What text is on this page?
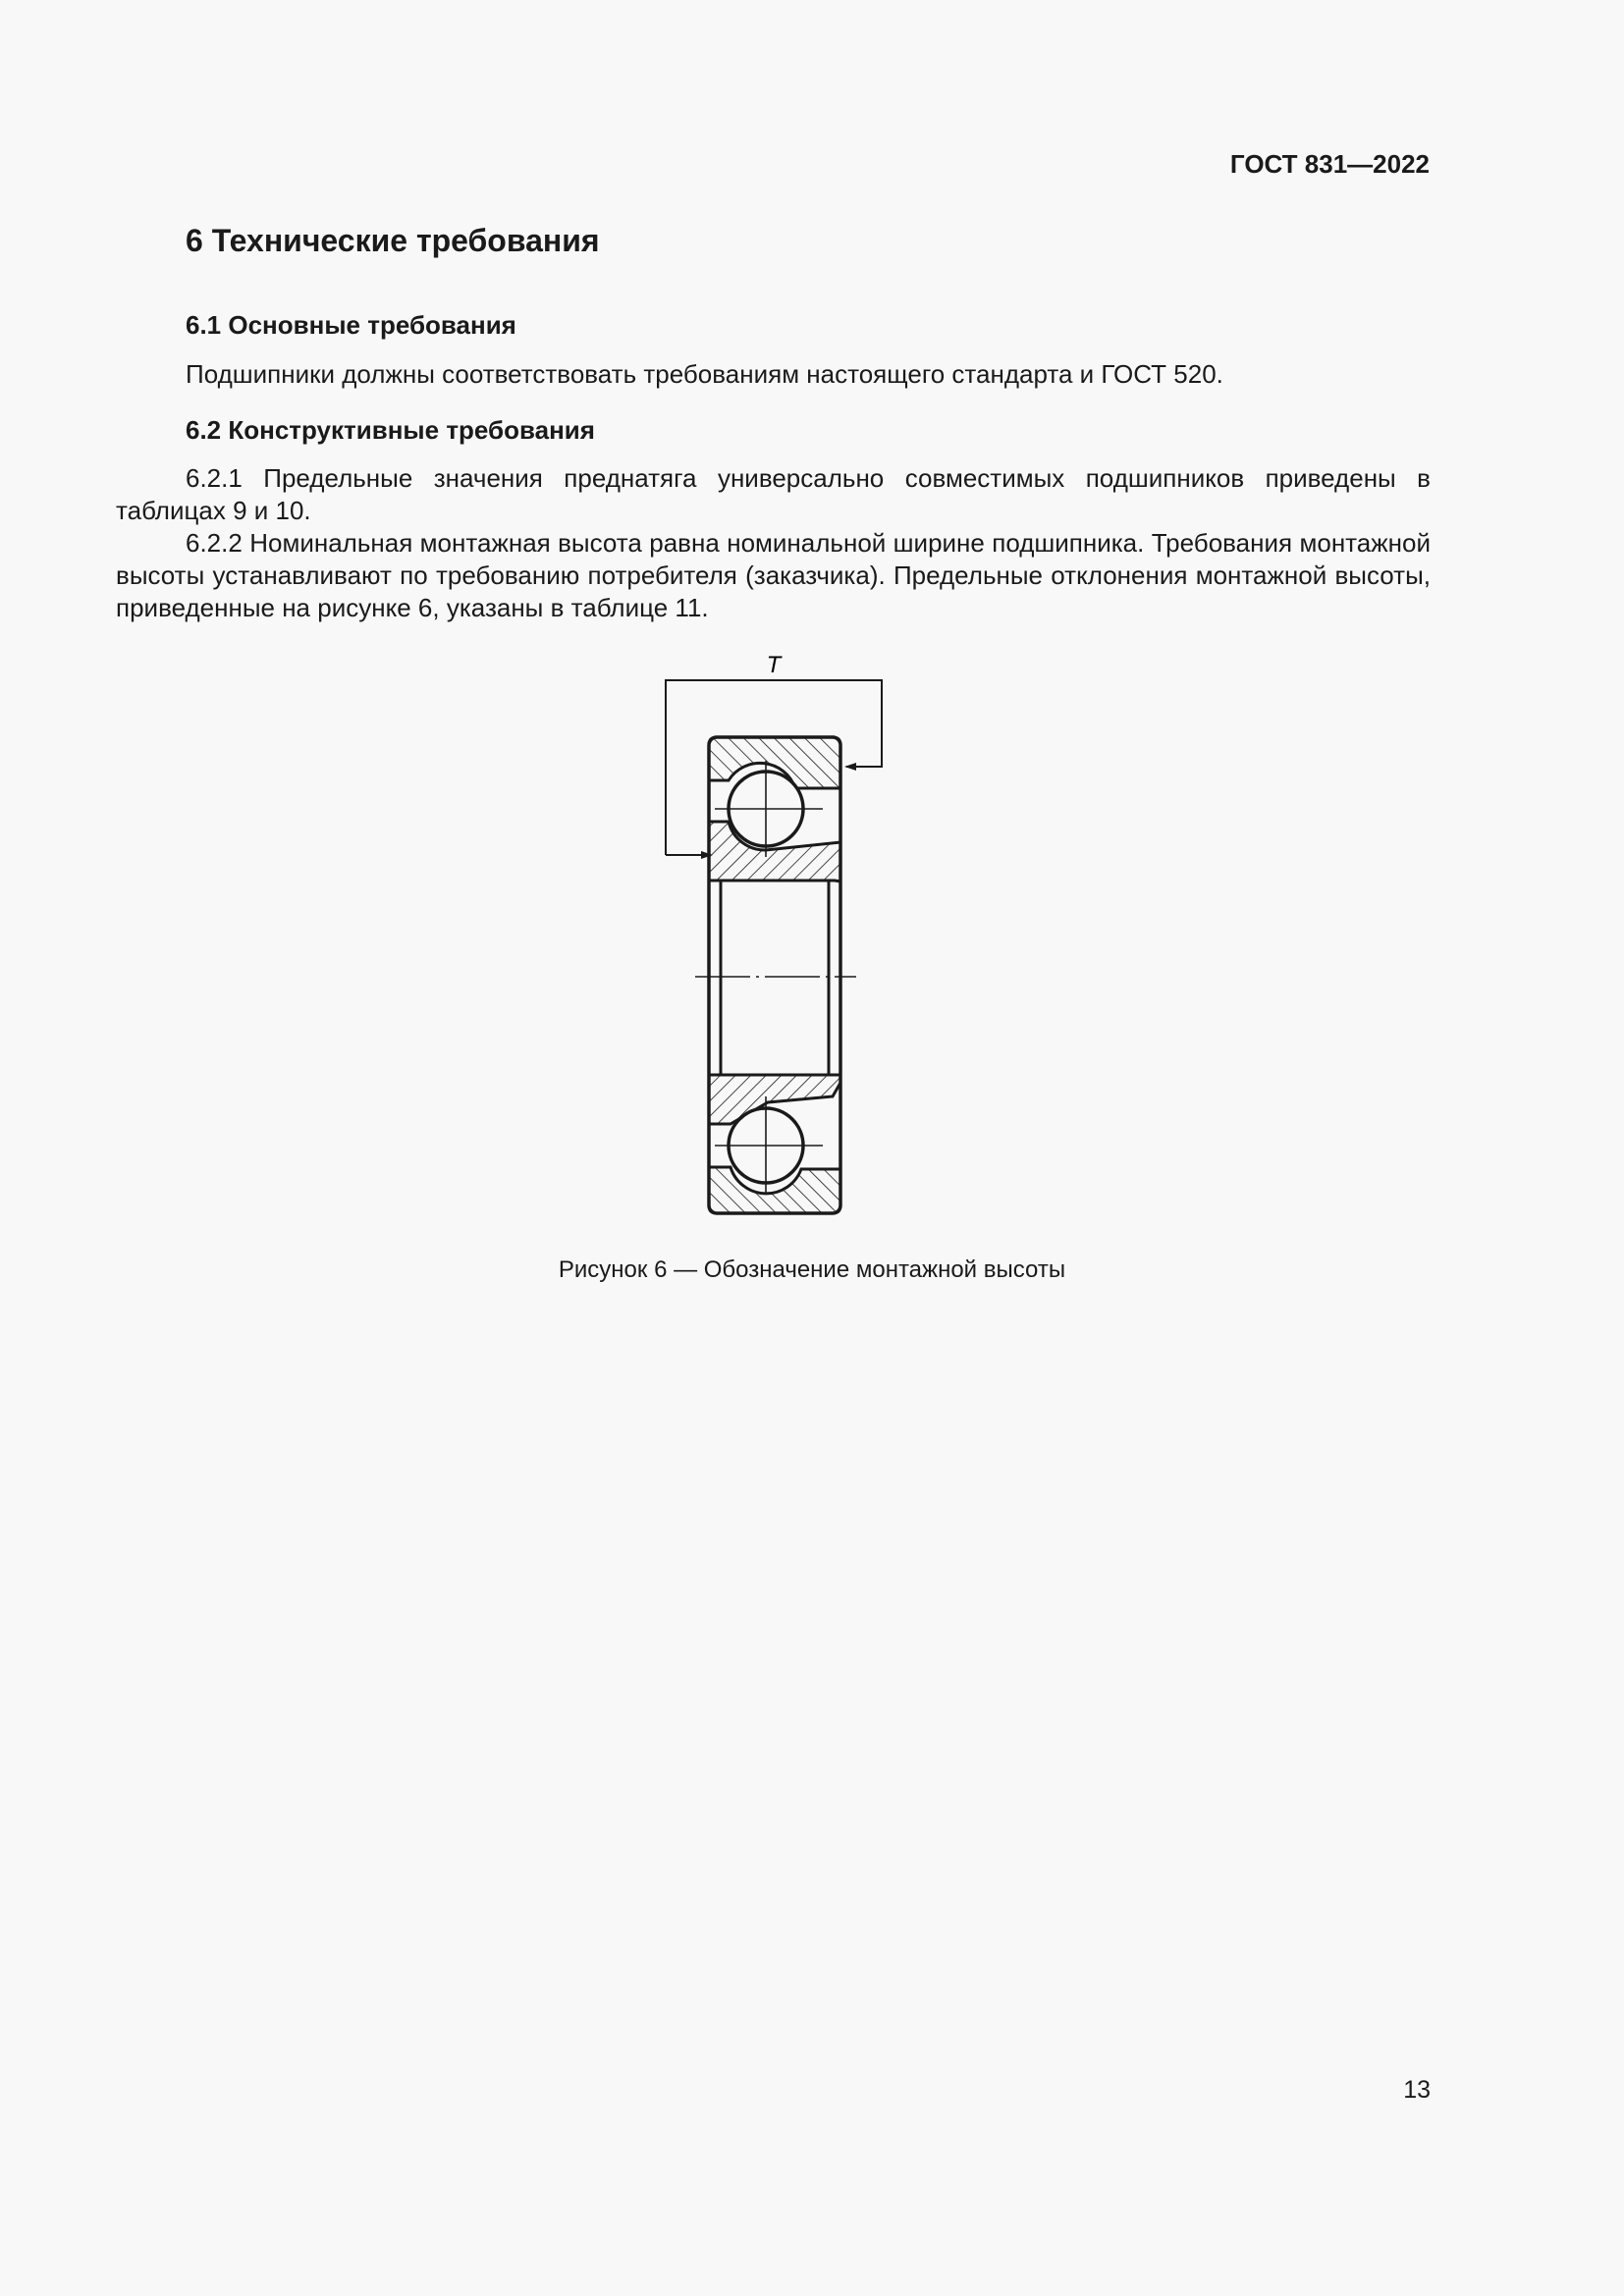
ГОСТ 831—2022

6 Технические требования
6.1 Основные требования

Подшипники должны соответствовать требованиям настоящего стандарта и ГОСТ 520.

6.2 Конструктивные требования

6.2.1 Предельные значения преднатяга универсально совместимых подшипников приведены в таблицах 9 и 10.

6.2.2 Номинальная монтажная высота равна номинальной ширине подшипника. Требования монтажной высоты устанавливают по требованию потребителя (заказчика). Предельные отклонения монтажной высоты, приведенные на рисунке 6, указаны в таблице 11.

T

Рисунок 6 — Обозначение монтажной высоты

13
